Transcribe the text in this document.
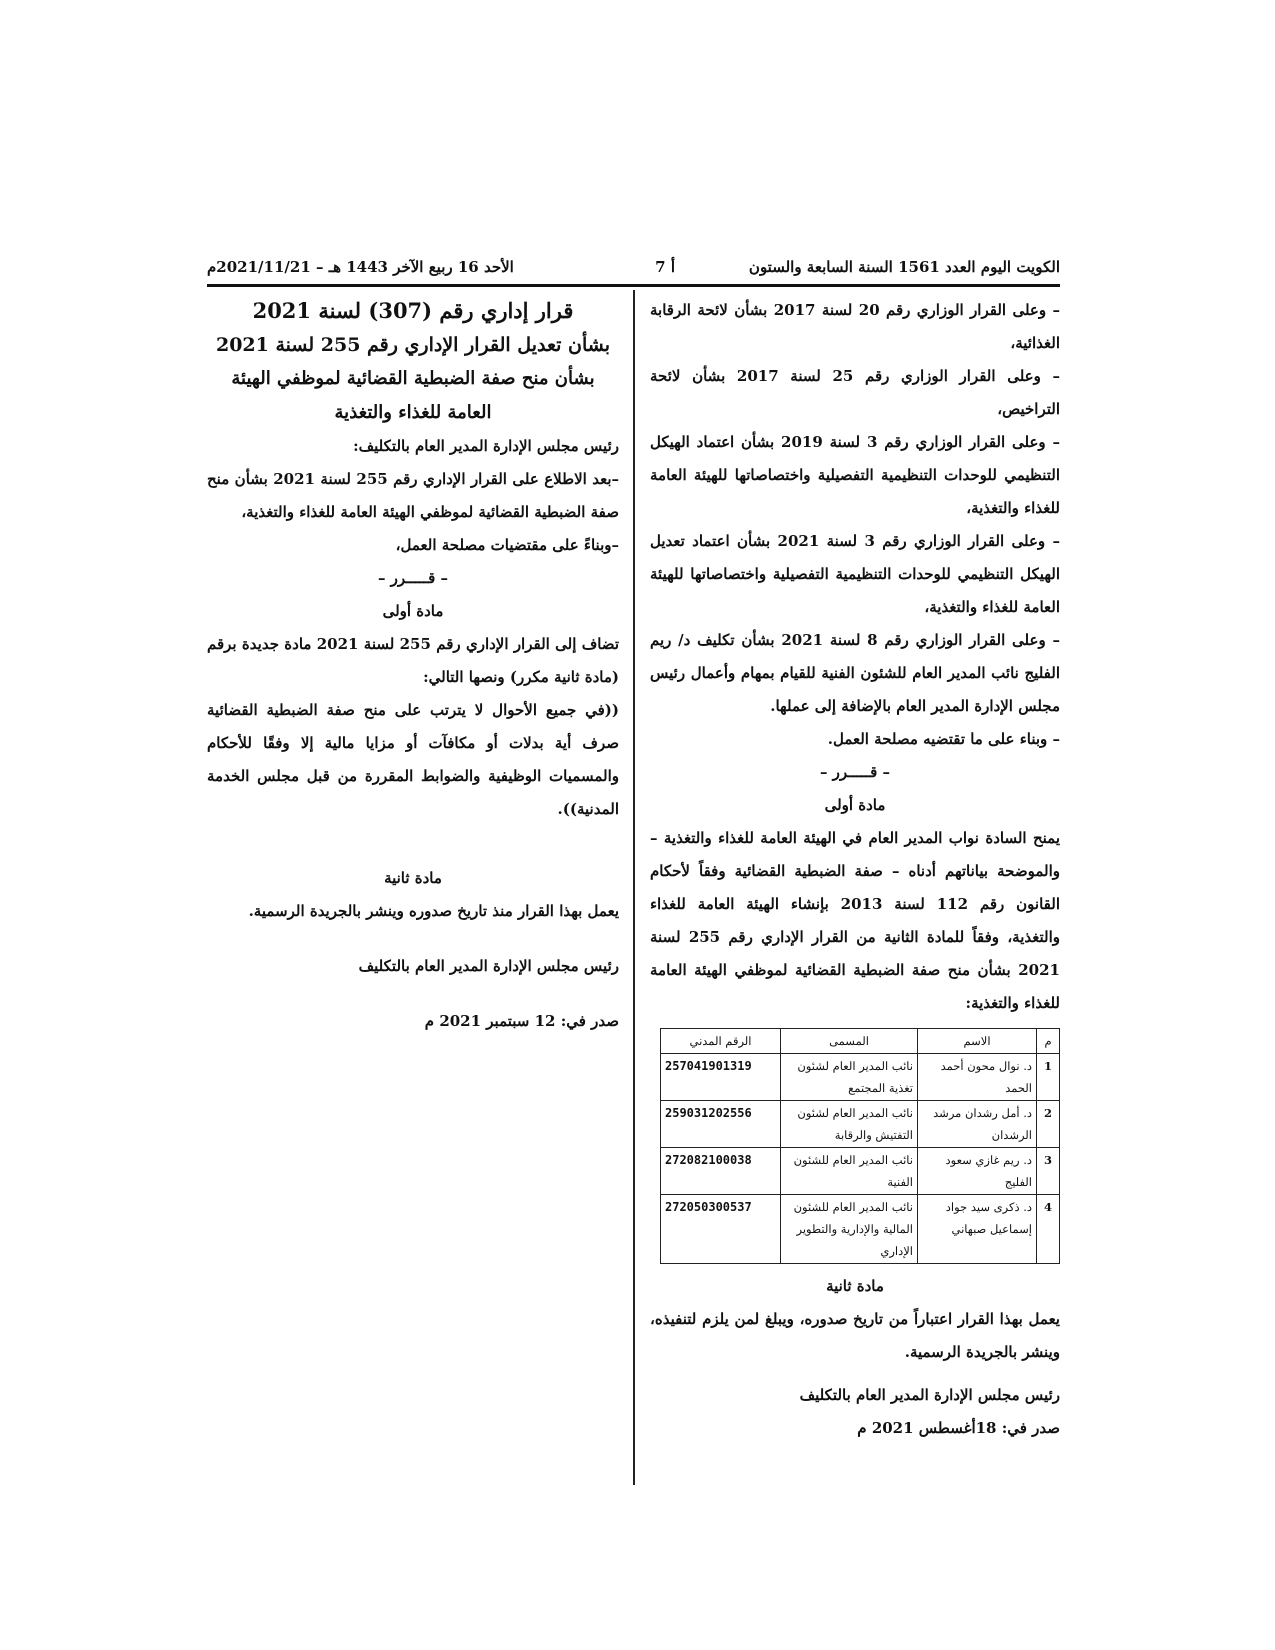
الكويت اليوم العدد 1561 السنة السابعة والستون
أ 7
الأحد 16 ربيع الآخر 1443 هـ – 2021/11/21م

– وعلى القرار الوزاري رقم 20 لسنة 2017 بشأن لائحة الرقابة الغذائية،

– وعلى القرار الوزاري رقم 25 لسنة 2017 بشأن لائحة التراخيص،

– وعلى القرار الوزاري رقم 3 لسنة 2019 بشأن اعتماد الهيكل التنظيمي للوحدات التنظيمية التفصيلية واختصاصاتها للهيئة العامة للغذاء والتغذية،

– وعلى القرار الوزاري رقم 3 لسنة 2021 بشأن اعتماد تعديل الهيكل التنظيمي للوحدات التنظيمية التفصيلية واختصاصاتها للهيئة العامة للغذاء والتغذية،

– وعلى القرار الوزاري رقم 8 لسنة 2021 بشأن تكليف د/ ريم الفليج نائب المدير العام للشئون الفنية للقيام بمهام وأعمال رئيس مجلس الإدارة المدير العام بالإضافة إلى عملها.

– وبناء على ما تقتضيه مصلحة العمل.

– قـــــرر –

مادة أولى

يمنح السادة نواب المدير العام في الهيئة العامة للغذاء والتغذية – والموضحة بياناتهم أدناه – صفة الضبطية القضائية وفقاً لأحكام القانون رقم 112 لسنة 2013 بإنشاء الهيئة العامة للغذاء والتغذية، وفقاً للمادة الثانية من القرار الإداري رقم 255 لسنة 2021 بشأن منح صفة الضبطية القضائية لموظفي الهيئة العامة للغذاء والتغذية:

م	الاسم	المسمى	الرقم المدني
1	د. نوال محون أحمد الحمد	نائب المدير العام لشئون تغذية المجتمع	257041901319
2	د. أمل رشدان مرشد الرشدان	نائب المدير العام لشئون التفتيش والرقابة	259031202556
3	د. ريم غازي سعود الفليج	نائب المدير العام للشئون الفنية	272082100038
4	د. ذكرى سيد جواد إسماعيل صبهاني	نائب المدير العام للشئون المالية والإدارية والتطوير الإداري	272050300537

مادة ثانية

يعمل بهذا القرار اعتباراً من تاريخ صدوره، ويبلغ لمن يلزم لتنفيذه، وينشر بالجريدة الرسمية.

رئيس مجلس الإدارة المدير العام بالتكليف

صدر في: 18أغسطس 2021 م

قرار إداري رقم (307) لسنة 2021

بشأن تعديل القرار الإداري رقم 255 لسنة 2021

بشأن منح صفة الضبطية القضائية لموظفي الهيئة

العامة للغذاء والتغذية

رئيس مجلس الإدارة المدير العام بالتكليف:

–بعد الاطلاع على القرار الإداري رقم 255 لسنة 2021 بشأن منح صفة الضبطية القضائية لموظفي الهيئة العامة للغذاء والتغذية،

–وبناءً على مقتضيات مصلحة العمل،

– قـــــرر –

مادة أولى

تضاف إلى القرار الإداري رقم 255 لسنة 2021 مادة جديدة برقم (مادة ثانية مكرر) ونصها التالي:

((في جميع الأحوال لا يترتب على منح صفة الضبطية القضائية صرف أية بدلات أو مكافآت أو مزايا مالية إلا وفقًا للأحكام والمسميات الوظيفية والضوابط المقررة من قبل مجلس الخدمة المدنية)).

مادة ثانية

يعمل بهذا القرار منذ تاريخ صدوره وينشر بالجريدة الرسمية.

رئيس مجلس الإدارة المدير العام بالتكليف

صدر في: 12 سبتمبر 2021 م
